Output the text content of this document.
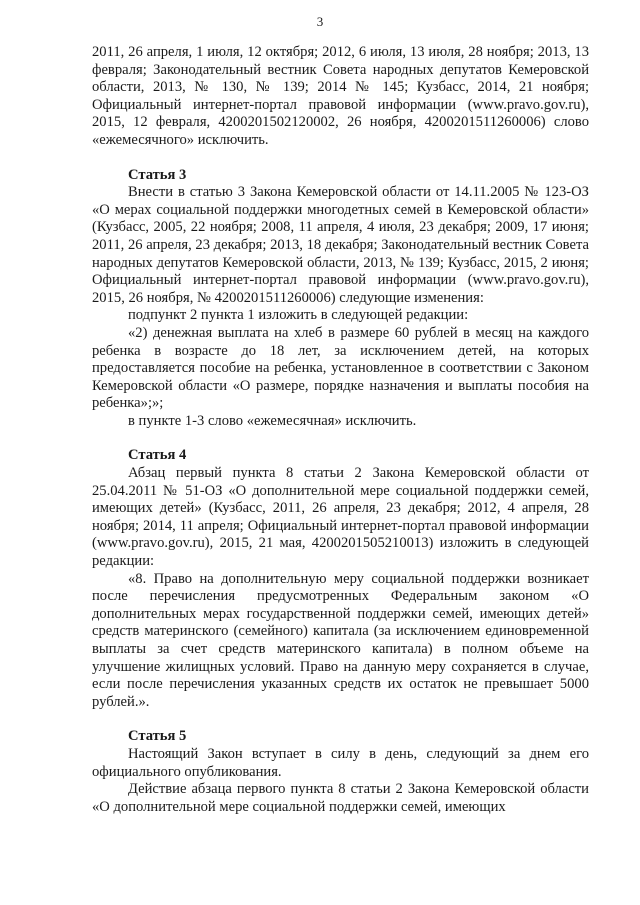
3

2011, 26 апреля, 1 июля, 12 октября; 2012, 6 июля, 13 июля, 28 ноября; 2013, 13 февраля; Законодательный вестник Совета народных депутатов Кемеровской области, 2013, № 130, № 139; 2014 № 145; Кузбасс, 2014, 21 ноября; Официальный интернет-портал правовой информации (www.pravo.gov.ru), 2015, 12 февраля, 4200201502120002, 26 ноября, 4200201511260006) слово «ежемесячного» исключить.

Статья 3

Внести в статью 3 Закона Кемеровской области от 14.11.2005 № 123-ОЗ «О мерах социальной поддержки многодетных семей в Кемеровской области» (Кузбасс, 2005, 22 ноября; 2008, 11 апреля, 4 июля, 23 декабря; 2009, 17 июня; 2011, 26 апреля, 23 декабря; 2013, 18 декабря; Законодательный вестник Совета народных депутатов Кемеровской области, 2013, № 139; Кузбасс, 2015, 2 июня; Официальный интернет-портал правовой информации (www.pravo.gov.ru), 2015, 26 ноября, № 4200201511260006) следующие изменения:

подпункт 2 пункта 1 изложить в следующей редакции:

«2) денежная выплата на хлеб в размере 60 рублей в месяц на каждого ребенка в возрасте до 18 лет, за исключением детей, на которых предоставляется пособие на ребенка, установленное в соответствии с Законом Кемеровской области «О размере, порядке назначения и выплаты пособия на ребенка»;»;

в пункте 1-3 слово «ежемесячная» исключить.

Статья 4

Абзац первый пункта 8 статьи 2 Закона Кемеровской области от 25.04.2011 № 51-ОЗ «О дополнительной мере социальной поддержки семей, имеющих детей» (Кузбасс, 2011, 26 апреля, 23 декабря; 2012, 4 апреля, 28 ноября; 2014, 11 апреля; Официальный интернет-портал правовой информации (www.pravo.gov.ru), 2015, 21 мая, 4200201505210013) изложить в следующей редакции:

«8. Право на дополнительную меру социальной поддержки возникает после перечисления предусмотренных Федеральным законом «О дополнительных мерах государственной поддержки семей, имеющих детей» средств материнского (семейного) капитала (за исключением единовременной выплаты за счет средств материнского капитала) в полном объеме на улучшение жилищных условий. Право на данную меру сохраняется в случае, если после перечисления указанных средств их остаток не превышает 5000 рублей.».

Статья 5

Настоящий Закон вступает в силу в день, следующий за днем его официального опубликования.

Действие абзаца первого пункта 8 статьи 2 Закона Кемеровской области «О дополнительной мере социальной поддержки семей, имеющих
